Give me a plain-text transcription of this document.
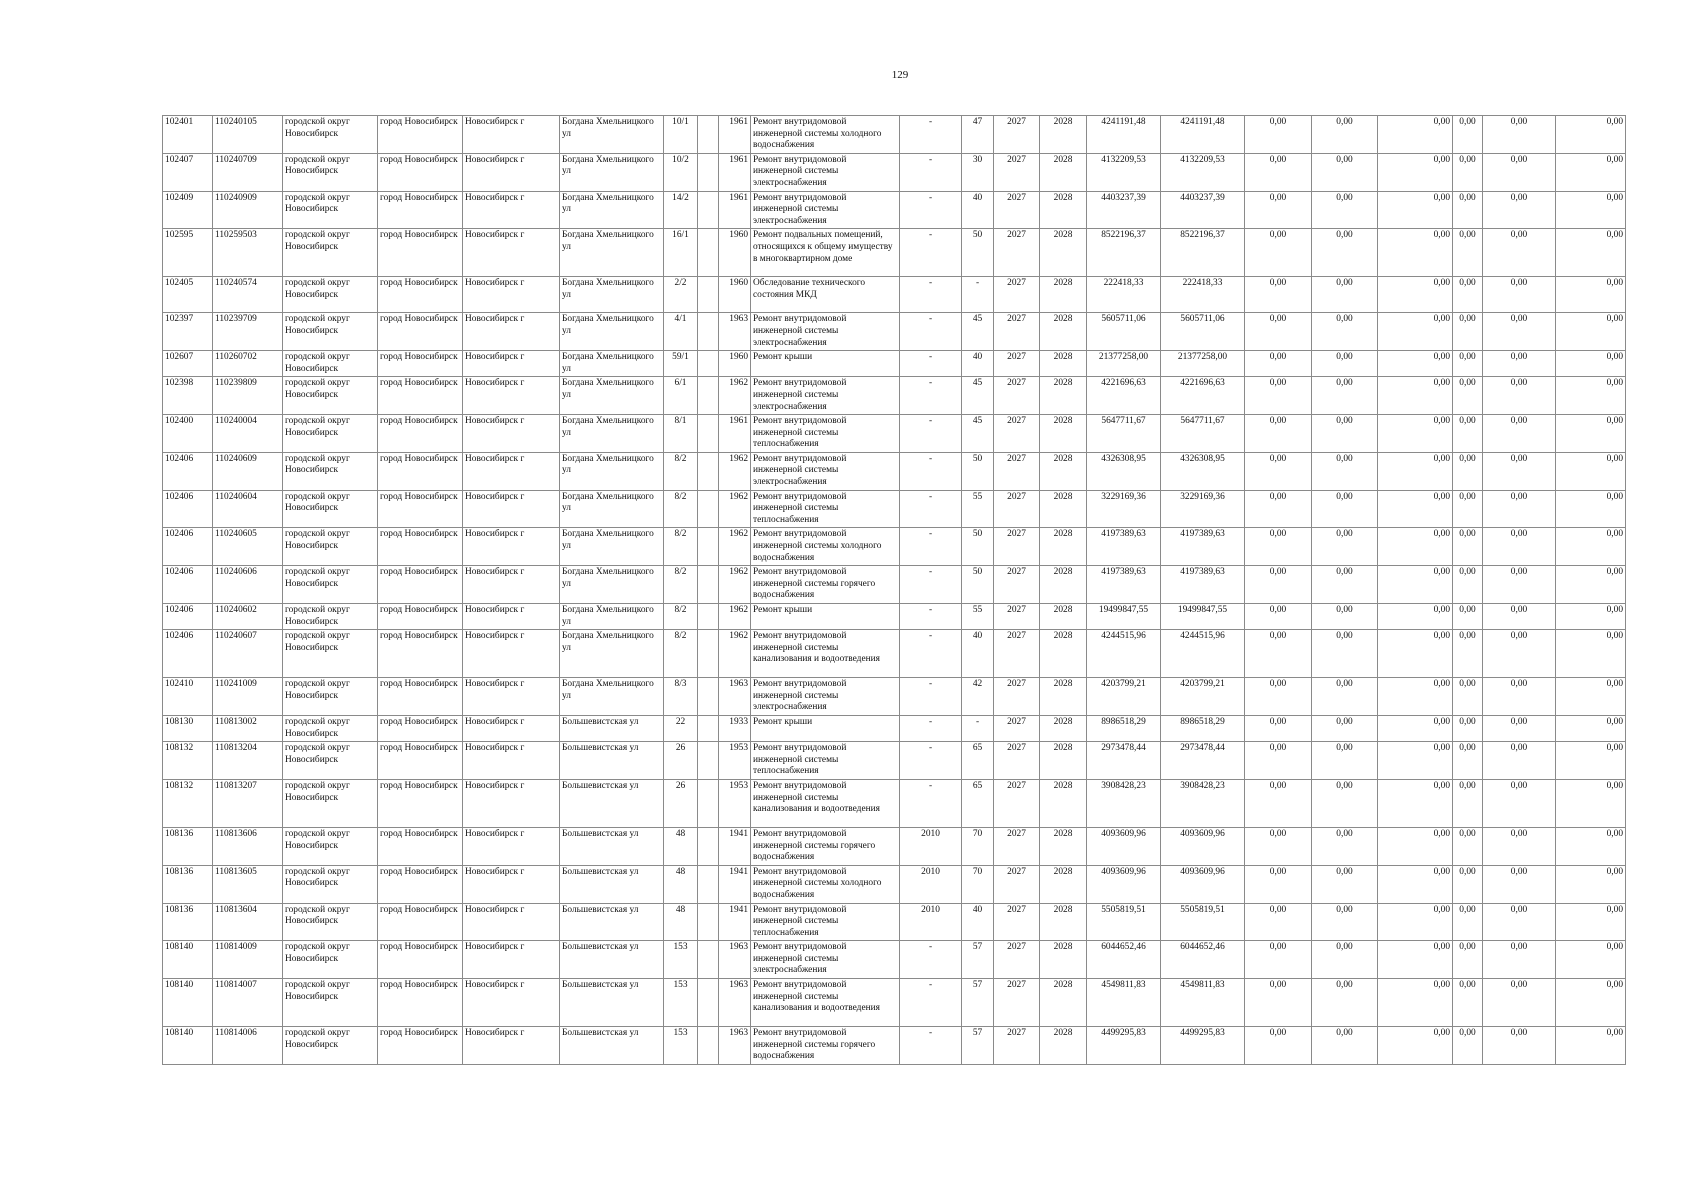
129
102401	110240105	городской округ Новосибирск	город Новосибирск	Новосибирск г	Богдана Хмельницкого ул	10/1		1961	Ремонт внутридомовой инженерной системы холодного водоснабжения	-	47	2027	2028	4241191,48	4241191,48	0,00	0,00	0,00	0,00	0,00	0,00
102407	110240709	городской округ Новосибирск	город Новосибирск	Новосибирск г	Богдана Хмельницкого ул	10/2		1961	Ремонт внутридомовой инженерной системы электроснабжения	-	30	2027	2028	4132209,53	4132209,53	0,00	0,00	0,00	0,00	0,00	0,00
102409	110240909	городской округ Новосибирск	город Новосибирск	Новосибирск г	Богдана Хмельницкого ул	14/2		1961	Ремонт внутридомовой инженерной системы электроснабжения	-	40	2027	2028	4403237,39	4403237,39	0,00	0,00	0,00	0,00	0,00	0,00
102595	110259503	городской округ Новосибирск	город Новосибирск	Новосибирск г	Богдана Хмельницкого ул	16/1		1960	Ремонт подвальных помещений, относящихся к общему имуществу в многоквартирном доме	-	50	2027	2028	8522196,37	8522196,37	0,00	0,00	0,00	0,00	0,00	0,00
102405	110240574	городской округ Новосибирск	город Новосибирск	Новосибирск г	Богдана Хмельницкого ул	2/2		1960	Обследование технического состояния МКД	-	-	2027	2028	222418,33	222418,33	0,00	0,00	0,00	0,00	0,00	0,00
102397	110239709	городской округ Новосибирск	город Новосибирск	Новосибирск г	Богдана Хмельницкого ул	4/1		1963	Ремонт внутридомовой инженерной системы электроснабжения	-	45	2027	2028	5605711,06	5605711,06	0,00	0,00	0,00	0,00	0,00	0,00
102607	110260702	городской округ Новосибирск	город Новосибирск	Новосибирск г	Богдана Хмельницкого ул	59/1		1960	Ремонт крыши	-	40	2027	2028	21377258,00	21377258,00	0,00	0,00	0,00	0,00	0,00	0,00
102398	110239809	городской округ Новосибирск	город Новосибирск	Новосибирск г	Богдана Хмельницкого ул	6/1		1962	Ремонт внутридомовой инженерной системы электроснабжения	-	45	2027	2028	4221696,63	4221696,63	0,00	0,00	0,00	0,00	0,00	0,00
102400	110240004	городской округ Новосибирск	город Новосибирск	Новосибирск г	Богдана Хмельницкого ул	8/1		1961	Ремонт внутридомовой инженерной системы теплоснабжения	-	45	2027	2028	5647711,67	5647711,67	0,00	0,00	0,00	0,00	0,00	0,00
102406	110240609	городской округ Новосибирск	город Новосибирск	Новосибирск г	Богдана Хмельницкого ул	8/2		1962	Ремонт внутридомовой инженерной системы электроснабжения	-	50	2027	2028	4326308,95	4326308,95	0,00	0,00	0,00	0,00	0,00	0,00
102406	110240604	городской округ Новосибирск	город Новосибирск	Новосибирск г	Богдана Хмельницкого ул	8/2		1962	Ремонт внутридомовой инженерной системы теплоснабжения	-	55	2027	2028	3229169,36	3229169,36	0,00	0,00	0,00	0,00	0,00	0,00
102406	110240605	городской округ Новосибирск	город Новосибирск	Новосибирск г	Богдана Хмельницкого ул	8/2		1962	Ремонт внутридомовой инженерной системы холодного водоснабжения	-	50	2027	2028	4197389,63	4197389,63	0,00	0,00	0,00	0,00	0,00	0,00
102406	110240606	городской округ Новосибирск	город Новосибирск	Новосибирск г	Богдана Хмельницкого ул	8/2		1962	Ремонт внутридомовой инженерной системы горячего водоснабжения	-	50	2027	2028	4197389,63	4197389,63	0,00	0,00	0,00	0,00	0,00	0,00
102406	110240602	городской округ Новосибирск	город Новосибирск	Новосибирск г	Богдана Хмельницкого ул	8/2		1962	Ремонт крыши	-	55	2027	2028	19499847,55	19499847,55	0,00	0,00	0,00	0,00	0,00	0,00
102406	110240607	городской округ Новосибирск	город Новосибирск	Новосибирск г	Богдана Хмельницкого ул	8/2		1962	Ремонт внутридомовой инженерной системы канализования и водоотведения	-	40	2027	2028	4244515,96	4244515,96	0,00	0,00	0,00	0,00	0,00	0,00
102410	110241009	городской округ Новосибирск	город Новосибирск	Новосибирск г	Богдана Хмельницкого ул	8/3		1963	Ремонт внутридомовой инженерной системы электроснабжения	-	42	2027	2028	4203799,21	4203799,21	0,00	0,00	0,00	0,00	0,00	0,00
108130	110813002	городской округ Новосибирск	город Новосибирск	Новосибирск г	Большевистская ул	22		1933	Ремонт крыши	-	-	2027	2028	8986518,29	8986518,29	0,00	0,00	0,00	0,00	0,00	0,00
108132	110813204	городской округ Новосибирск	город Новосибирск	Новосибирск г	Большевистская ул	26		1953	Ремонт внутридомовой инженерной системы теплоснабжения	-	65	2027	2028	2973478,44	2973478,44	0,00	0,00	0,00	0,00	0,00	0,00
108132	110813207	городской округ Новосибирск	город Новосибирск	Новосибирск г	Большевистская ул	26		1953	Ремонт внутридомовой инженерной системы канализования и водоотведения	-	65	2027	2028	3908428,23	3908428,23	0,00	0,00	0,00	0,00	0,00	0,00
108136	110813606	городской округ Новосибирск	город Новосибирск	Новосибирск г	Большевистская ул	48		1941	Ремонт внутридомовой инженерной системы горячего водоснабжения	2010	70	2027	2028	4093609,96	4093609,96	0,00	0,00	0,00	0,00	0,00	0,00
108136	110813605	городской округ Новосибирск	город Новосибирск	Новосибирск г	Большевистская ул	48		1941	Ремонт внутридомовой инженерной системы холодного водоснабжения	2010	70	2027	2028	4093609,96	4093609,96	0,00	0,00	0,00	0,00	0,00	0,00
108136	110813604	городской округ Новосибирск	город Новосибирск	Новосибирск г	Большевистская ул	48		1941	Ремонт внутридомовой инженерной системы теплоснабжения	2010	40	2027	2028	5505819,51	5505819,51	0,00	0,00	0,00	0,00	0,00	0,00
108140	110814009	городской округ Новосибирск	город Новосибирск	Новосибирск г	Большевистская ул	153		1963	Ремонт внутридомовой инженерной системы электроснабжения	-	57	2027	2028	6044652,46	6044652,46	0,00	0,00	0,00	0,00	0,00	0,00
108140	110814007	городской округ Новосибирск	город Новосибирск	Новосибирск г	Большевистская ул	153		1963	Ремонт внутридомовой инженерной системы канализования и водоотведения	-	57	2027	2028	4549811,83	4549811,83	0,00	0,00	0,00	0,00	0,00	0,00
108140	110814006	городской округ Новосибирск	город Новосибирск	Новосибирск г	Большевистская ул	153		1963	Ремонт внутридомовой инженерной системы горячего водоснабжения	-	57	2027	2028	4499295,83	4499295,83	0,00	0,00	0,00	0,00	0,00	0,00
